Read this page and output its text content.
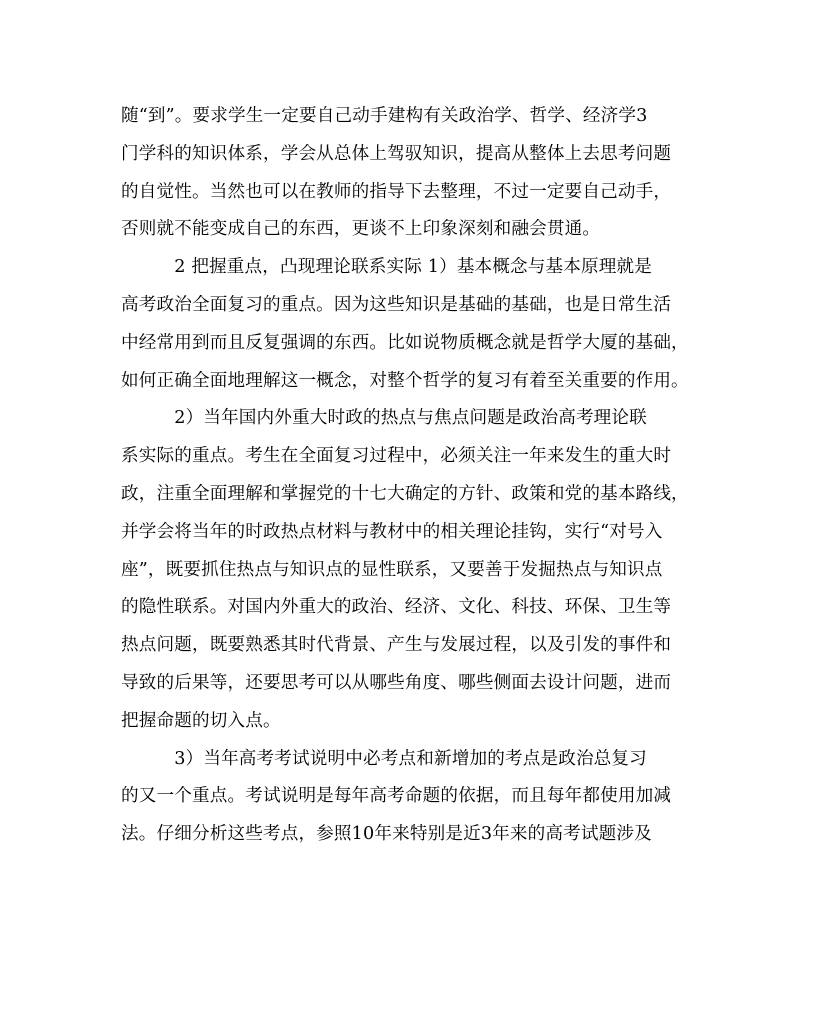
随“到”。要求学生一定要自己动手建构有关政治学、哲学、经济学3
门学科的知识体系，学会从总体上驾驭知识，提高从整体上去思考问题
的自觉性。当然也可以在教师的指导下去整理，不过一定要自己动手，
否则就不能变成自己的东西，更谈不上印象深刻和融会贯通。
　　　2 把握重点，凸现理论联系实际 1）基本概念与基本原理就是
高考政治全面复习的重点。因为这些知识是基础的基础，也是日常生活
中经常用到而且反复强调的东西。比如说物质概念就是哲学大厦的基础，
如何正确全面地理解这一概念，对整个哲学的复习有着至关重要的作用。
　　　2）当年国内外重大时政的热点与焦点问题是政治高考理论联
系实际的重点。考生在全面复习过程中，必须关注一年来发生的重大时
政，注重全面理解和掌握党的十七大确定的方针、政策和党的基本路线，
并学会将当年的时政热点材料与教材中的相关理论挂钩，实行“对号入
座”，既要抓住热点与知识点的显性联系，又要善于发掘热点与知识点
的隐性联系。对国内外重大的政治、经济、文化、科技、环保、卫生等
热点问题，既要熟悉其时代背景、产生与发展过程，以及引发的事件和
导致的后果等，还要思考可以从哪些角度、哪些侧面去设计问题，进而
把握命题的切入点。
　　　3）当年高考考试说明中必考点和新增加的考点是政治总复习
的又一个重点。考试说明是每年高考命题的依据，而且每年都使用加减
法。仔细分析这些考点，参照10年来特别是近3年来的高考试题涉及
